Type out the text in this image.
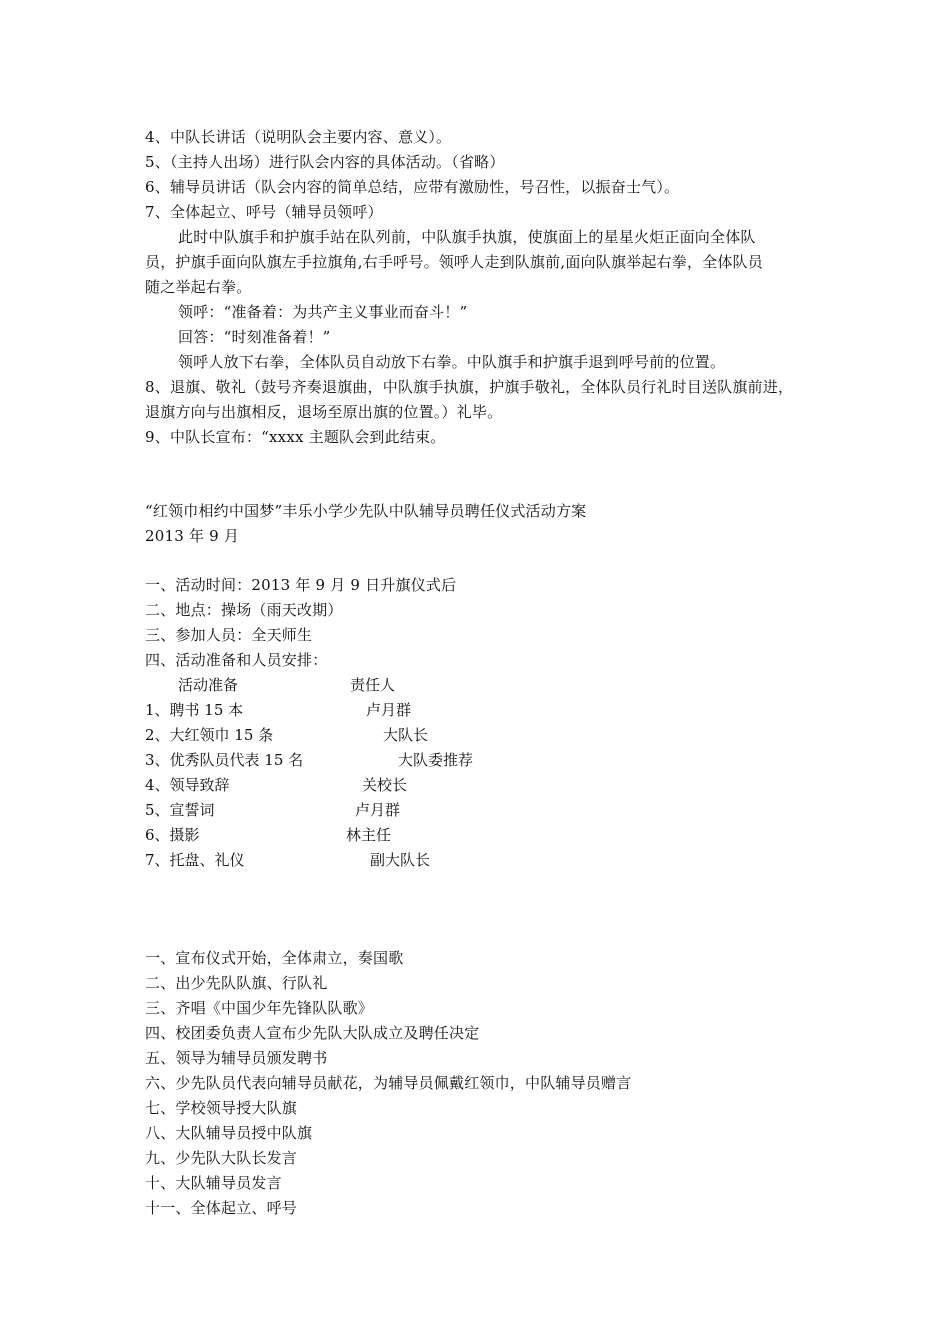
4、中队长讲话（说明队会主要内容、意义）。
5、（主持人出场）进行队会内容的具体活动。（省略）
6、辅导员讲话（队会内容的简单总结，应带有激励性，号召性，以振奋士气）。
7、全体起立、呼号（辅导员领呼）
此时中队旗手和护旗手站在队列前，中队旗手执旗，使旗面上的星星火炬正面向全体队
员，护旗手面向队旗左手拉旗角,右手呼号。领呼人走到队旗前,面向队旗举起右拳，全体队员
随之举起右拳。
领呼：“准备着：为共产主义事业而奋斗！”
回答：“时刻准备着！”
领呼人放下右拳，全体队员自动放下右拳。中队旗手和护旗手退到呼号前的位置。
8、退旗、敬礼（鼓号齐奏退旗曲，中队旗手执旗，护旗手敬礼，全体队员行礼时目送队旗前进，
退旗方向与出旗相反，退场至原出旗的位置。）礼毕。
9、中队长宣布：“xxxx 主题队会到此结束。
“红领巾相约中国梦”丰乐小学少先队中队辅导员聘任仪式活动方案
2013 年 9 月
一、活动时间：2013 年 9 月 9 日升旗仪式后
二、地点：操场（雨天改期）
三、参加人员：全天师生
四、活动准备和人员安排：
活动准备	责任人
1、聘书 15 本	卢月群
2、大红领巾 15 条	大队长
3、优秀队员代表 15 名	大队委推荐
4、领导致辞	关校长
5、宣誓词	卢月群
6、摄影	林主任
7、托盘、礼仪	副大队长
一、宣布仪式开始，全体肃立，奏国歌
二、出少先队队旗、行队礼
三、齐唱《中国少年先锋队队歌》
四、校团委负责人宣布少先队大队成立及聘任决定
五、领导为辅导员颁发聘书
六、少先队员代表向辅导员献花，为辅导员佩戴红领巾，中队辅导员赠言
七、学校领导授大队旗
八、大队辅导员授中队旗
九、少先队大队长发言
十、大队辅导员发言
十一、全体起立、呼号
